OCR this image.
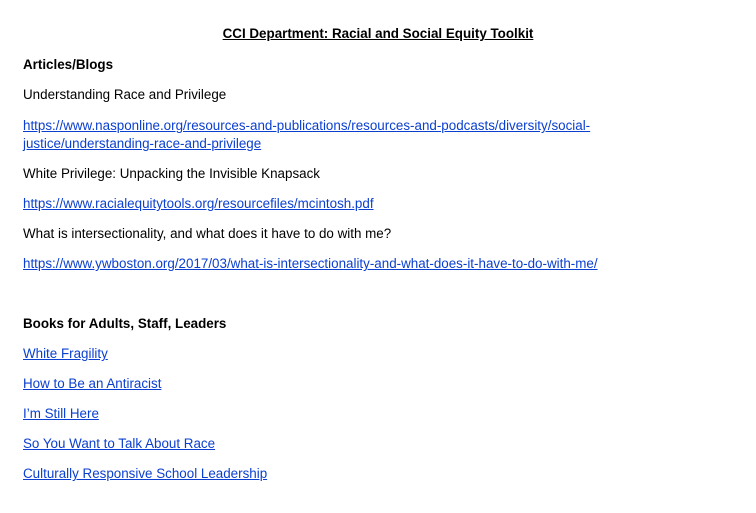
CCI Department: Racial and Social Equity Toolkit

Articles/Blogs

Understanding Race and Privilege

https://www.nasponline.org/resources-and-publications/resources-and-podcasts/diversity/social-
justice/understanding-race-and-privilege

White Privilege: Unpacking the Invisible Knapsack

https://www.racialequitytools.org/resourcefiles/mcintosh.pdf

What is intersectionality, and what does it have to do with me?

https://www.ywboston.org/2017/03/what-is-intersectionality-and-what-does-it-have-to-do-with-me/

Books for Adults, Staff, Leaders

White Fragility

How to Be an Antiracist

I’m Still Here

So You Want to Talk About Race

Culturally Responsive School Leadership
